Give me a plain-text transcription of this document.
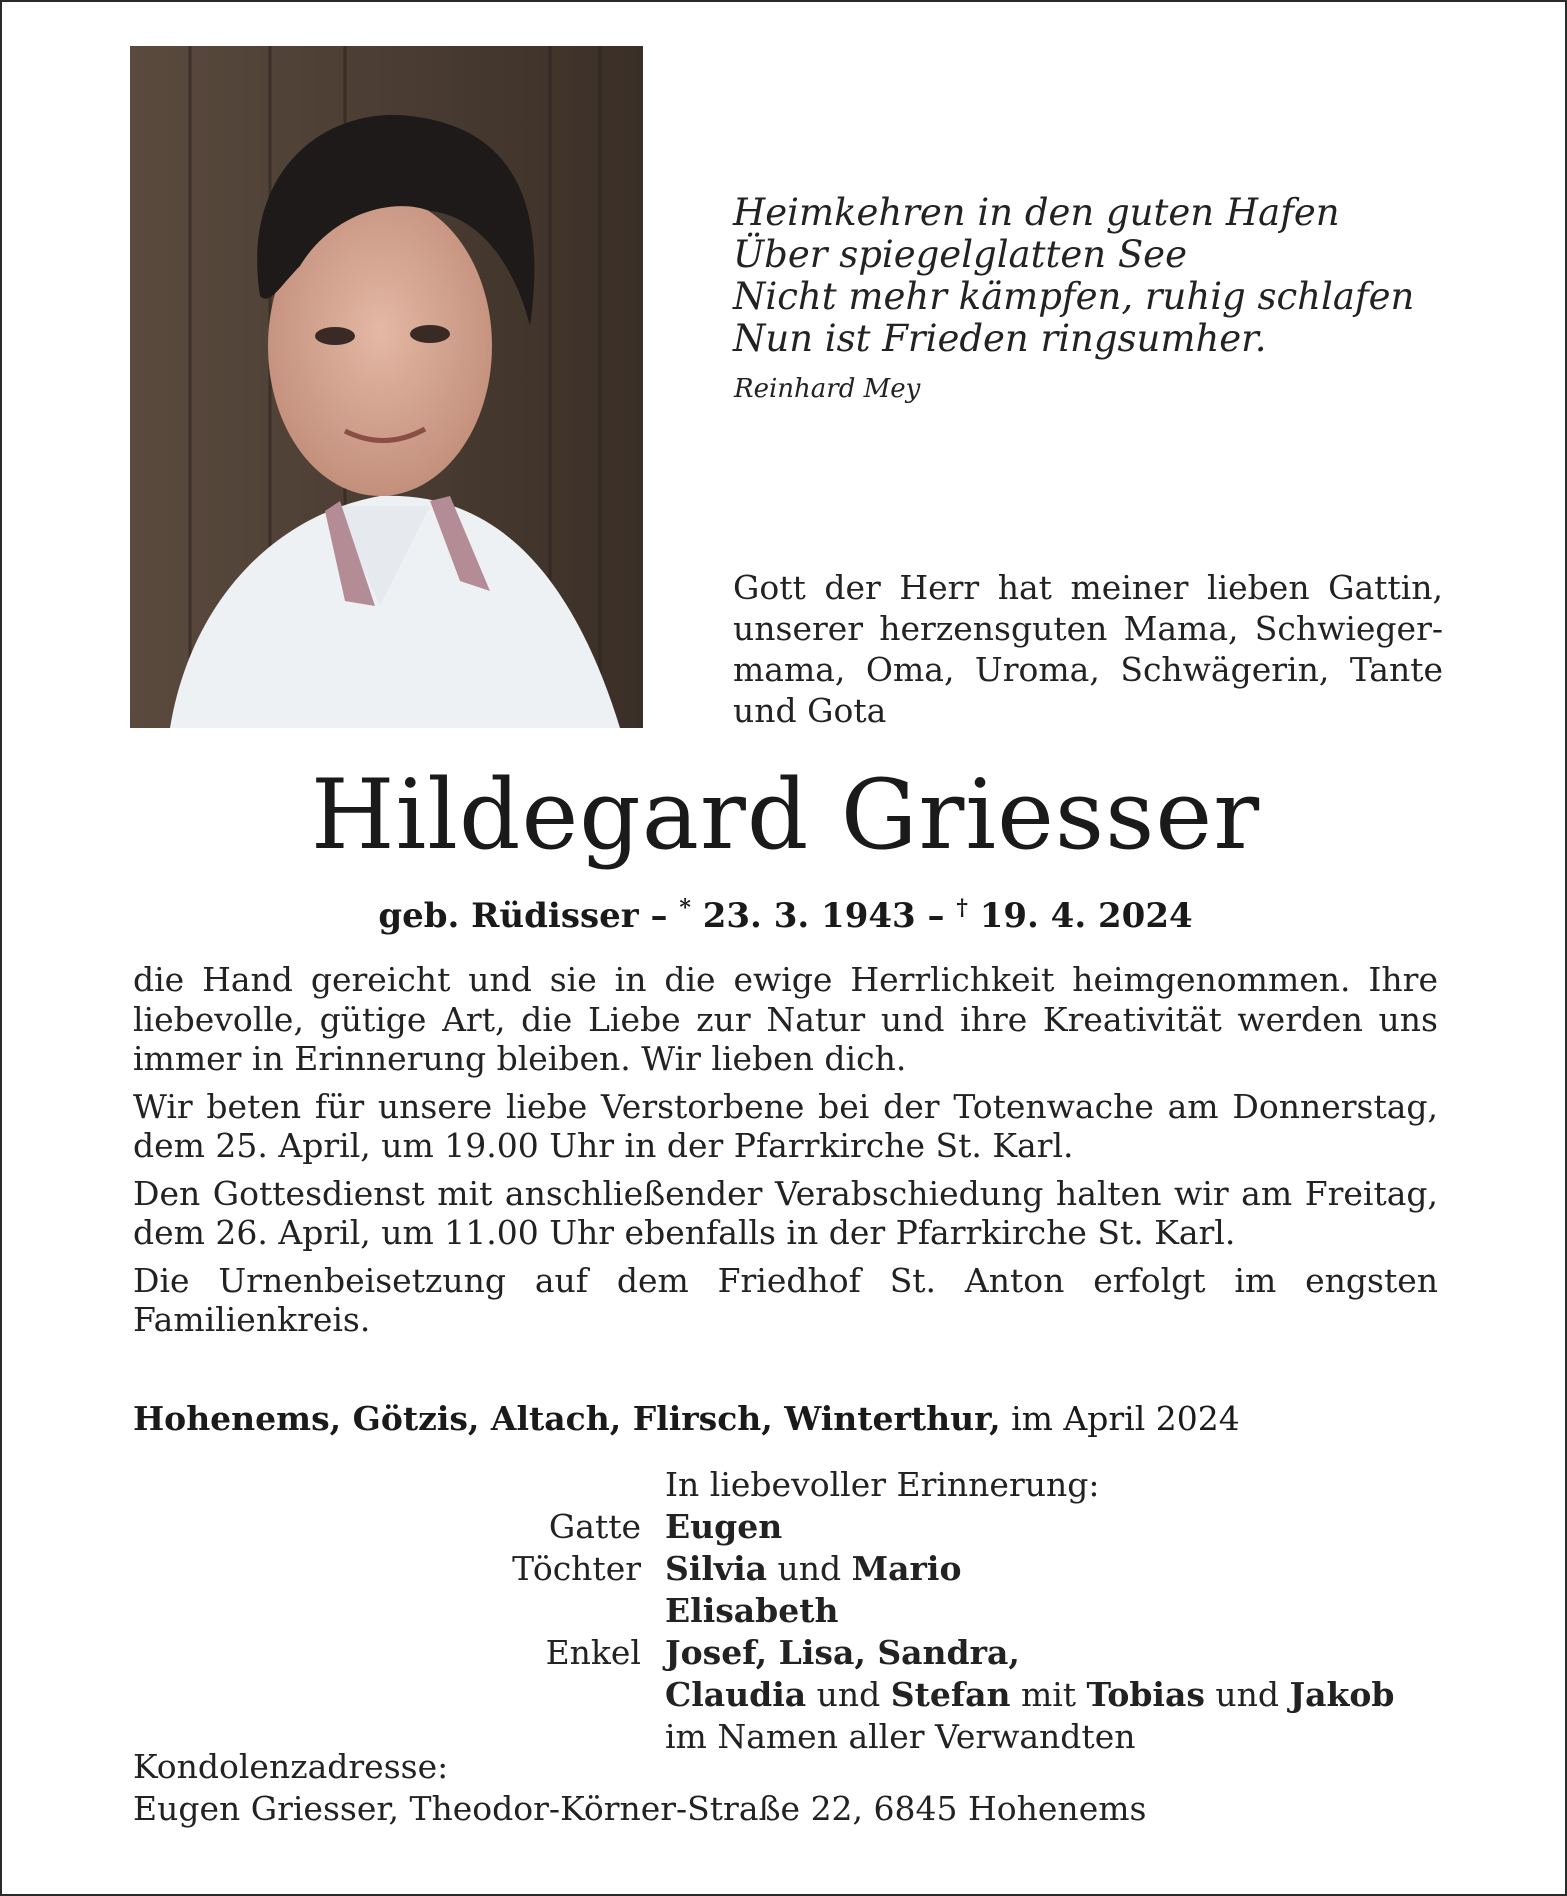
Heimkehren in den guten Hafen
Über spiegelglatten See
Nicht mehr kämpfen, ruhig schlafen
Nun ist Frieden ringsumher.
Reinhard Mey
Gott der Herr hat meiner lieben Gattin,
unserer herzensguten Mama, Schwieger-
mama, Oma, Uroma, Schwägerin, Tante
und Gota
Hildegard Griesser
geb. Rüdisser – * 23. 3. 1943 – † 19. 4. 2024

die Hand gereicht und sie in die ewige Herrlichkeit heimgenommen. Ihre
liebevolle, gütige Art, die Liebe zur Natur und ihre Kreativität werden uns
immer in Erinnerung bleiben. Wir lieben dich.

Wir beten für unsere liebe Verstorbene bei der Totenwache am Donnerstag,
dem 25. April, um 19.00 Uhr in der Pfarrkirche St. Karl.

Den Gottesdienst mit anschließender Verabschiedung halten wir am Freitag,
dem 26. April, um 11.00 Uhr ebenfalls in der Pfarrkirche St. Karl.

Die Urnenbeisetzung auf dem Friedhof St. Anton erfolgt im engsten
Familienkreis.

Hohenems, Götzis, Altach, Flirsch, Winterthur, im April 2024
In liebevoller Erinnerung:
Gatte Eugen
Töchter Silvia und Mario
Elisabeth
Enkel Josef, Lisa, Sandra,
Claudia und Stefan mit Tobias und Jakob
im Namen aller Verwandten
Kondolenzadresse:
Eugen Griesser, Theodor-Körner-Straße 22, 6845 Hohenems
